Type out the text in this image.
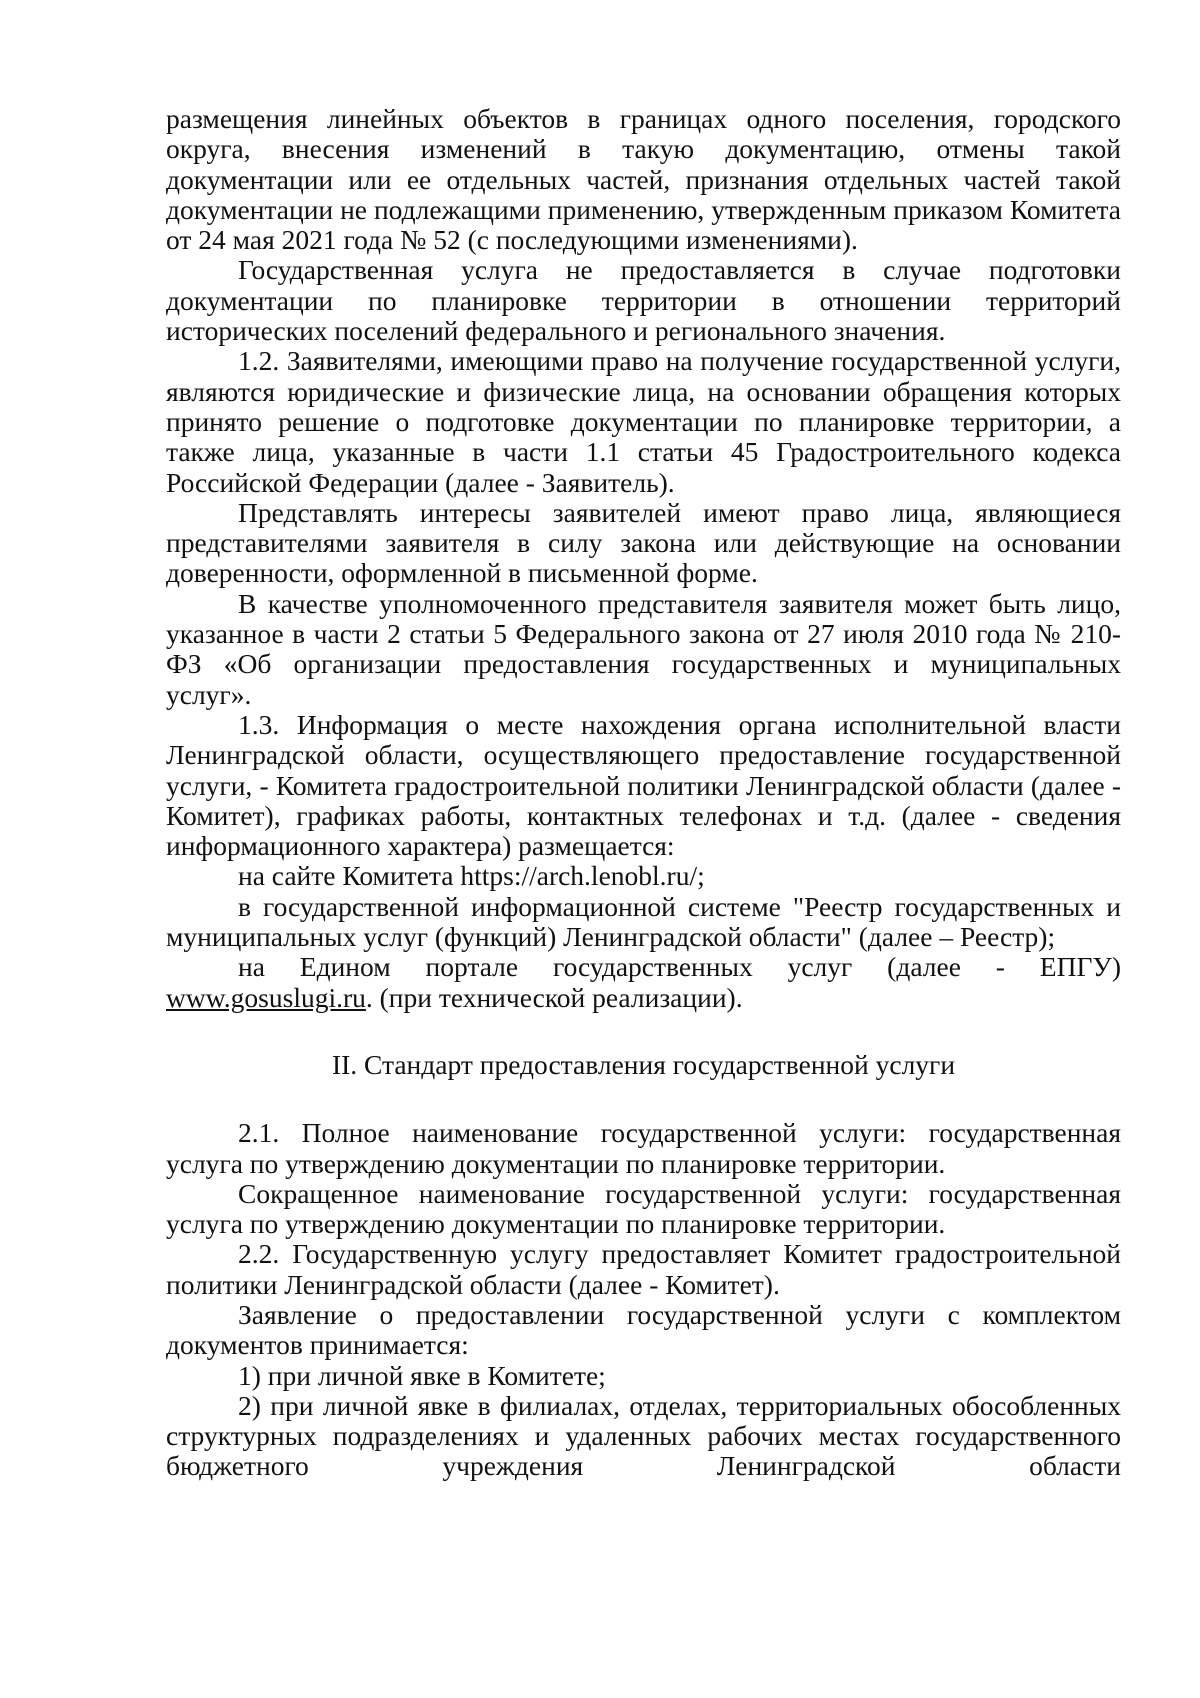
размещения линейных объектов в границах одного поселения, городского округа, внесения изменений в такую документацию, отмены такой документации или ее отдельных частей, признания отдельных частей такой документации не подлежащими применению, утвержденным приказом Комитета от 24 мая 2021 года № 52 (с последующими изменениями).

Государственная услуга не предоставляется в случае подготовки документации по планировке территории в отношении территорий исторических поселений федерального и регионального значения.

1.2. Заявителями, имеющими право на получение государственной услуги, являются юридические и физические лица, на основании обращения которых принято решение о подготовке документации по планировке территории, а также лица, указанные в части 1.1 статьи 45 Градостроительного кодекса Российской Федерации (далее - Заявитель).

Представлять интересы заявителей имеют право лица, являющиеся представителями заявителя в силу закона или действующие на основании доверенности, оформленной в письменной форме.

В качестве уполномоченного представителя заявителя может быть лицо, указанное в части 2 статьи 5 Федерального закона от 27 июля 2010 года № 210-ФЗ «Об организации предоставления государственных и муниципальных услуг».

1.3. Информация о месте нахождения органа исполнительной власти Ленинградской области, осуществляющего предоставление государственной услуги, - Комитета градостроительной политики Ленинградской области (далее - Комитет), графиках работы, контактных телефонах и т.д. (далее - сведения информационного характера) размещается:

на сайте Комитета https://arch.lenobl.ru/;

в государственной информационной системе "Реестр государственных и муниципальных услуг (функций) Ленинградской области" (далее – Реестр);

на Едином портале государственных услуг (далее - ЕПГУ) www.gosuslugi.ru. (при технической реализации).

II. Стандарт предоставления государственной услуги

2.1. Полное наименование государственной услуги: государственная услуга по утверждению документации по планировке территории.

Сокращенное наименование государственной услуги: государственная услуга по утверждению документации по планировке территории.

2.2. Государственную услугу предоставляет Комитет градостроительной политики Ленинградской области (далее - Комитет).

Заявление о предоставлении государственной услуги с комплектом документов принимается:

1) при личной явке в Комитете;

2) при личной явке в филиалах, отделах, территориальных обособленных структурных подразделениях и удаленных рабочих местах государственного бюджетного учреждения Ленинградской области
